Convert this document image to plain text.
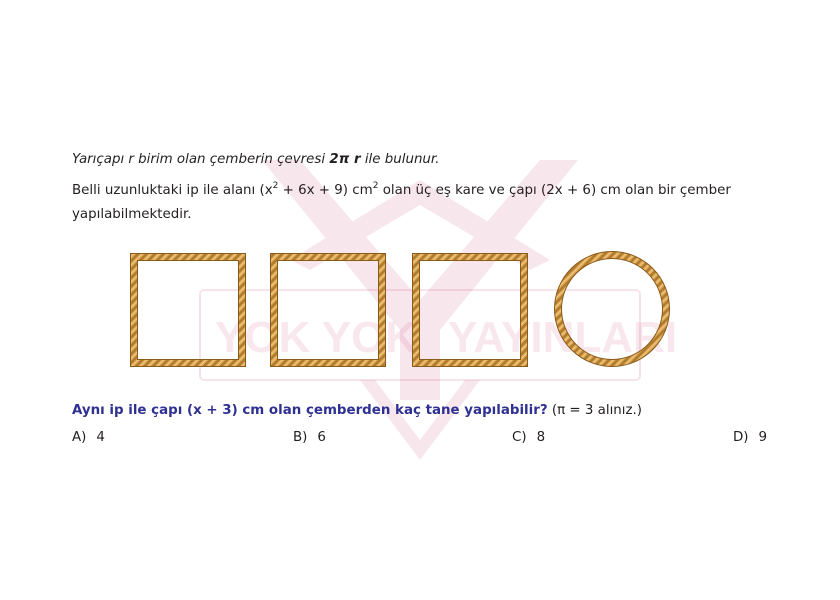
YOK YOK YAYINLARI
Yarıçapı r birim olan çemberin çevresi 2π r ile bulunur.
Belli uzunluktaki ip ile alanı $(x^2 + 6x + 9)$ $cm^2$ olan üç eş kare ve çapı (2x + 6) cm olan bir çember
yapılabilmektedir.
Aynı ip ile çapı (x + 3) cm olan çemberden kaç tane yapılabilir? (π = 3 alınız.)
A) 4	B) 6	C) 8	D) 9
